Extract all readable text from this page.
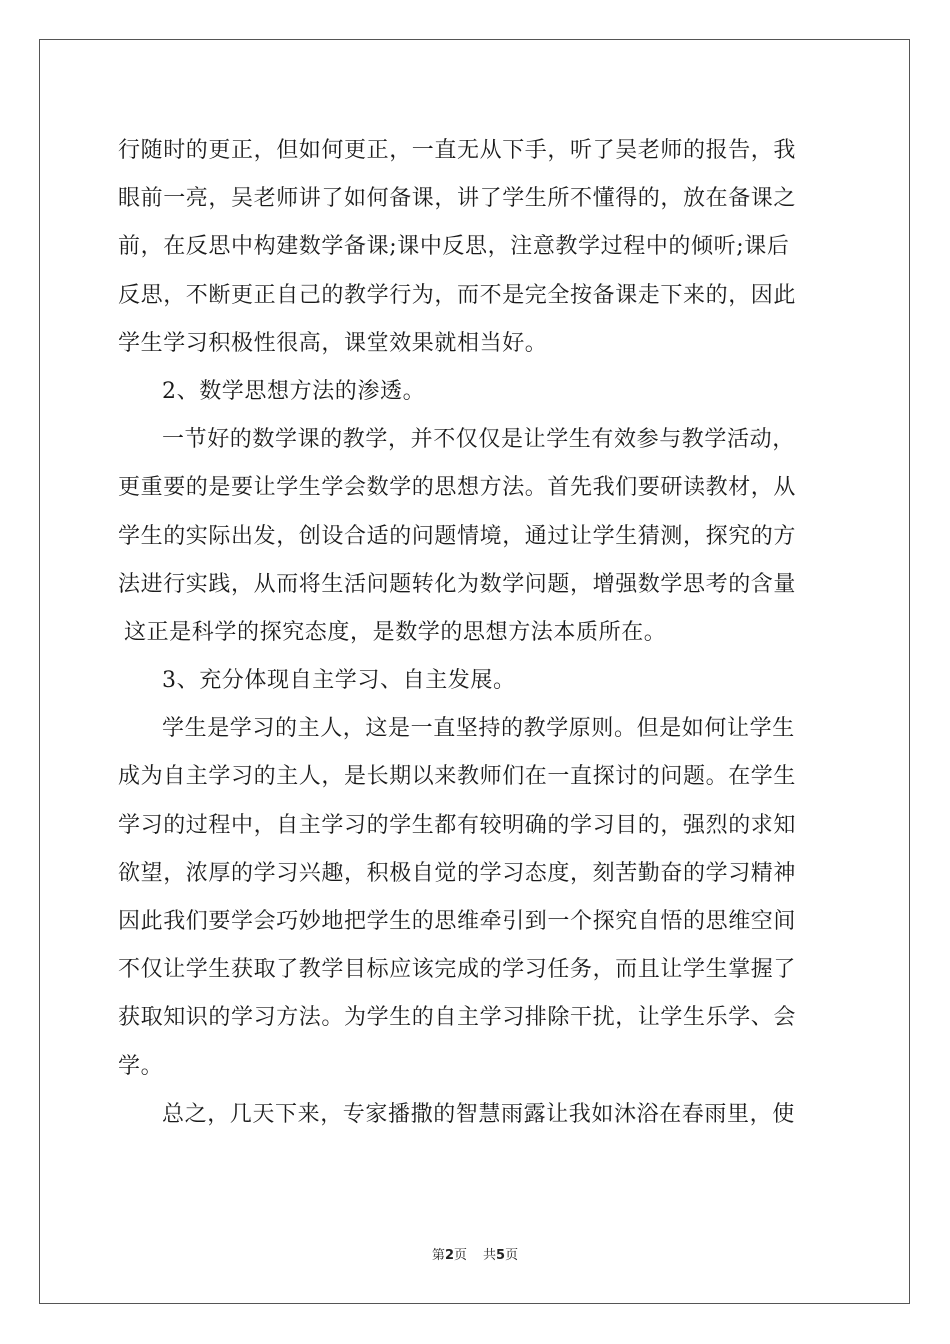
行随时的更正，但如何更正，一直无从下手，听了吴老师的报告，我
眼前一亮，吴老师讲了如何备课，讲了学生所不懂得的，放在备课之
前，在反思中构建数学备课;课中反思，注意教学过程中的倾听;课后
反思，不断更正自己的教学行为，而不是完全按备课走下来的，因此
学生学习积极性很高，课堂效果就相当好。
2、数学思想方法的渗透。
一节好的数学课的教学，并不仅仅是让学生有效参与教学活动，
更重要的是要让学生学会数学的思想方法。首先我们要研读教材，从
学生的实际出发，创设合适的问题情境，通过让学生猜测，探究的方
法进行实践，从而将生活问题转化为数学问题，增强数学思考的含量
这正是科学的探究态度，是数学的思想方法本质所在。
3、充分体现自主学习、自主发展。
学生是学习的主人，这是一直坚持的教学原则。但是如何让学生
成为自主学习的主人，是长期以来教师们在一直探讨的问题。在学生
学习的过程中，自主学习的学生都有较明确的学习目的，强烈的求知
欲望，浓厚的学习兴趣，积极自觉的学习态度，刻苦勤奋的学习精神
因此我们要学会巧妙地把学生的思维牵引到一个探究自悟的思维空间
不仅让学生获取了教学目标应该完成的学习任务，而且让学生掌握了
获取知识的学习方法。为学生的自主学习排除干扰，让学生乐学、会
学。
总之，几天下来，专家播撒的智慧雨露让我如沐浴在春雨里，使
第2页 共5页
